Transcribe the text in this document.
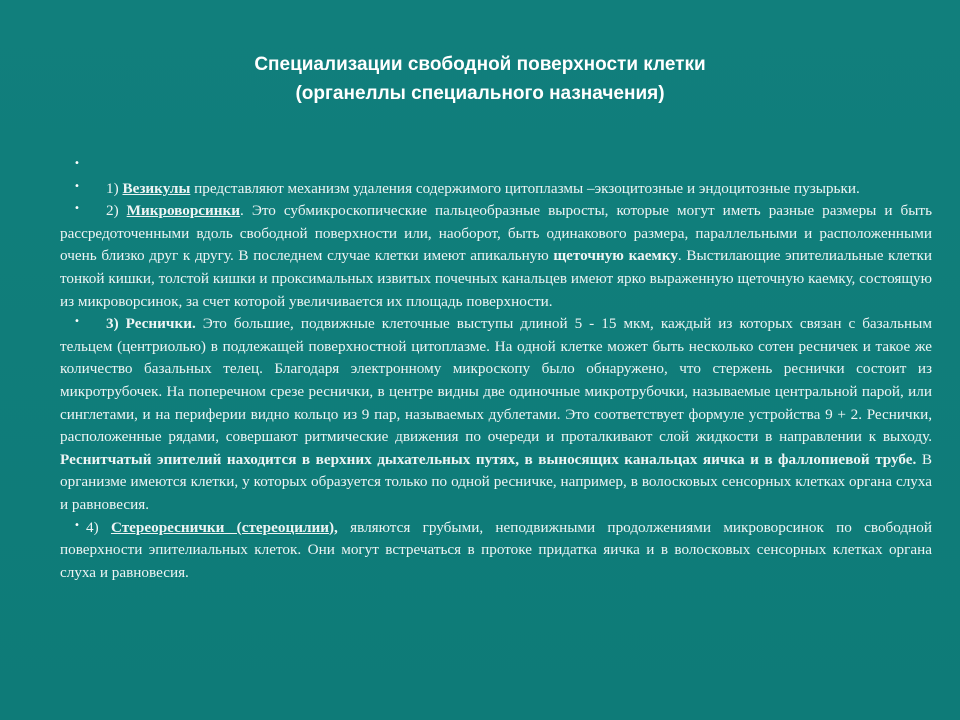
Специализации свободной поверхности клетки
(органеллы специального назначения)
•

• 1) Везикулы представляют механизм удаления содержимого цитоплазмы –экзоцитозные и эндоцитозные пузырьки.

• 2) Микроворсинки. Это субмикроскопические пальцеобразные выросты, которые могут иметь разные размеры и быть рассредоточенными вдоль свободной поверхности или, наоборот, быть одинакового размера, параллельными и расположенными очень близко друг к другу. В последнем случае клетки имеют апикальную щеточную каемку. Выстилающие эпителиальные клетки тонкой кишки, толстой кишки и проксимальных извитых почечных канальцев имеют ярко выраженную щеточную каемку, состоящую из микроворсинок, за счет которой увеличивается их площадь поверхности.

• 3) Реснички. Это большие, подвижные клеточные выступы длиной 5 - 15 мкм, каждый из которых связан с базальным тельцем (центриолью) в подлежащей поверхностной цитоплазме. На одной клетке может быть несколько сотен ресничек и такое же количество базальных телец. Благодаря электронному микроскопу было обнаружено, что стержень реснички состоит из микротрубочек. На поперечном срезе реснички, в центре видны две одиночные микротрубочки, называемые центральной парой, или синглетами, и на периферии видно кольцо из 9 пар, называемых дублетами. Это соответствует формуле устройства 9 + 2. Реснички, расположенные рядами, совершают ритмические движения по очереди и проталкивают слой жидкости в направлении к выходу. Реснитчатый эпителий находится в верхних дыхательных путях, в выносящих канальцах яичка и в фаллопиевой трубе. В организме имеются клетки, у которых образуется только по одной ресничке, например, в волосковых сенсорных клетках органа слуха и равновесия.

• 4) Стереореснички (стереоцилии), являются грубыми, неподвижными продолжениями микроворсинок по свободной поверхности эпителиальных клеток. Они могут встречаться в протоке придатка яичка и в волосковых сенсорных клетках органа слуха и равновесия.
